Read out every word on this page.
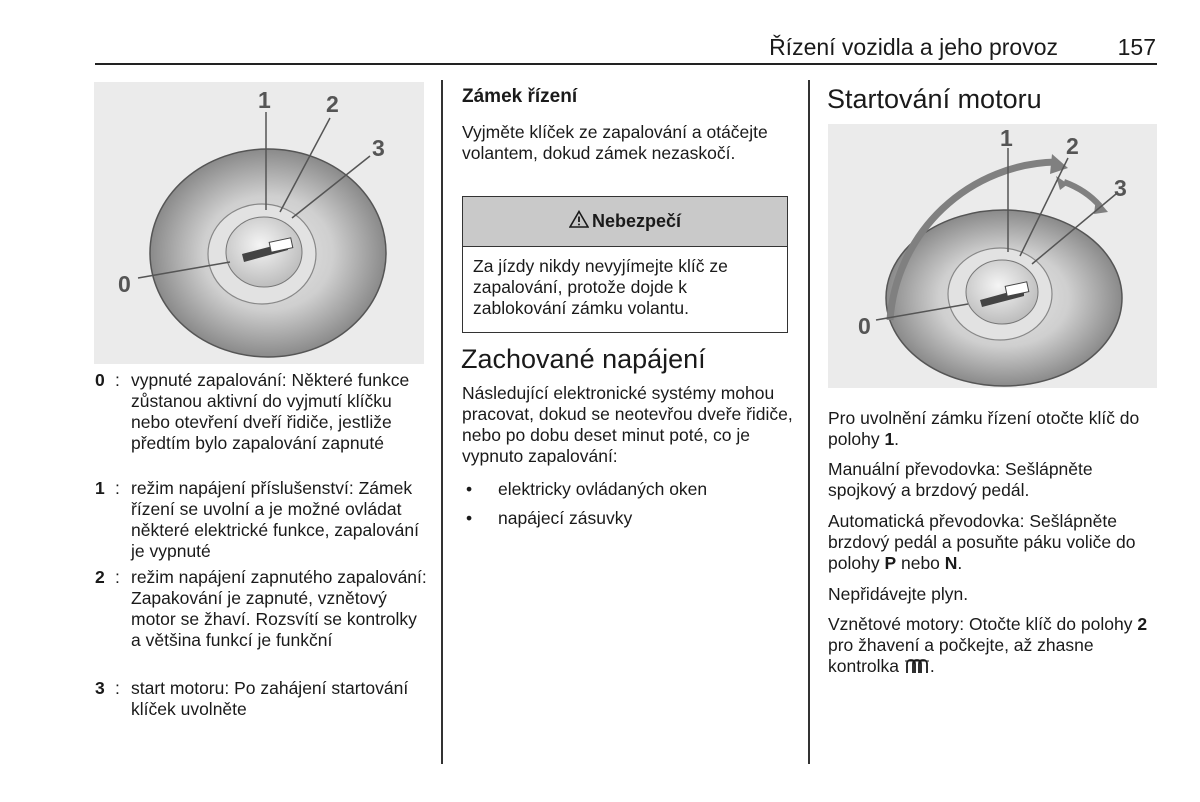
Řízení vozidla a jeho provoz	157
1 2
3
0
0 : vypnuté zapalování: Některé funkce zůstanou aktivní do vyjmutí klíčku nebo otevření dveří řidiče, jestliže předtím bylo zapalování zapnuté
1 : režim napájení příslušenství: Zámek řízení se uvolní a je možné ovládat některé elektrické funkce, zapalování je vypnuté
2 : režim napájení zapnutého zapalování: Zapakování je zapnuté, vznětový motor se žhaví. Rozsvítí se kontrolky a většina funkcí je funkční
3 : start motoru: Po zahájení startování klíček uvolněte
Zámek řízení
Vyjměte klíček ze zapalování a otáčejte volantem, dokud zámek nezaskočí.
Nebezpečí
Za jízdy nikdy nevyjímejte klíč ze zapalování, protože dojde k zablokování zámku volantu.
Zachované napájení
Následující elektronické systémy mohou pracovat, dokud se neotevřou dveře řidiče, nebo po dobu deset minut poté, co je vypnuto zapalování:
• elektricky ovládaných oken
• napájecí zásuvky
Startování motoru
1 2
3
0
Pro uvolnění zámku řízení otočte klíč do polohy 1.
Manuální převodovka: Sešlápněte spojkový a brzdový pedál.
Automatická převodovka: Sešlápněte brzdový pedál a posuňte páku voliče do polohy P nebo N.
Nepřidávejte plyn.
Vznětové motory: Otočte klíč do polohy 2 pro žhavení a počkejte, až zhasne kontrolka .
